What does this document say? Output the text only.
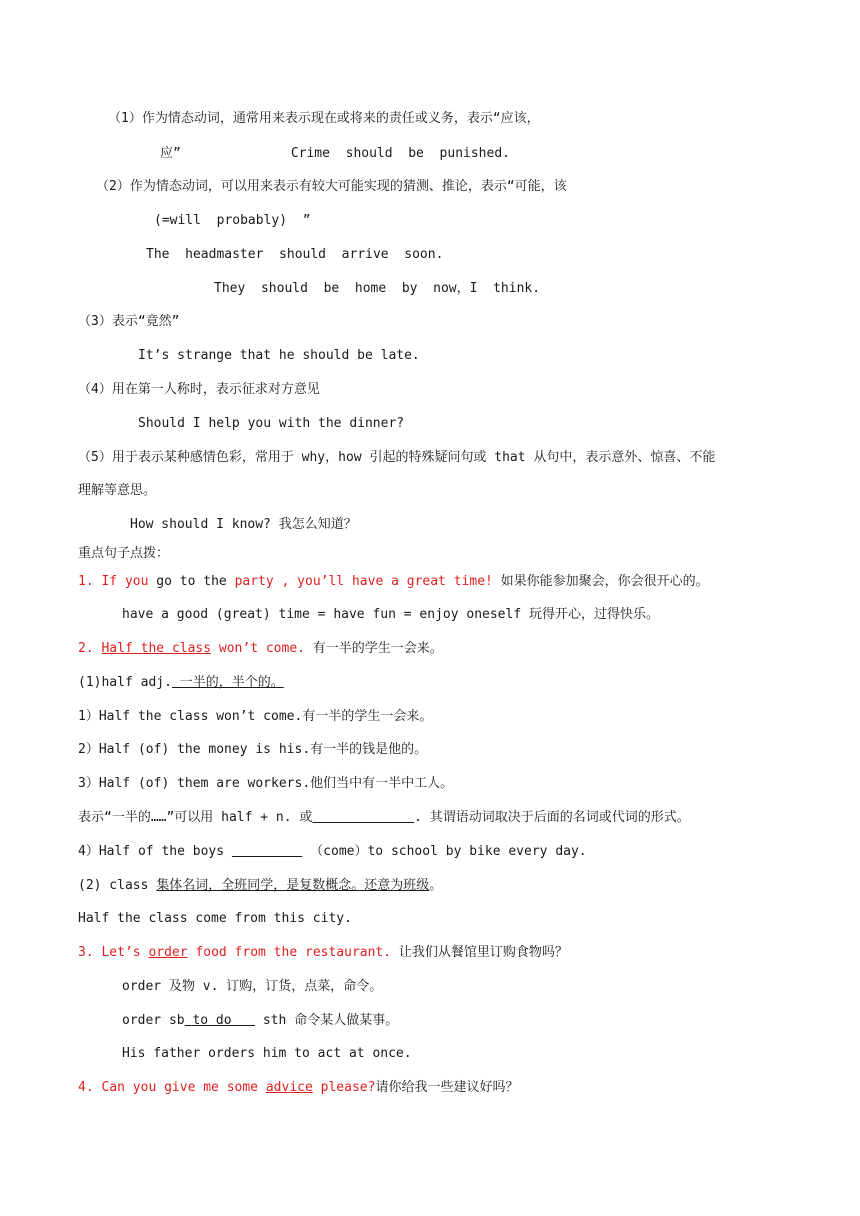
（1）作为情态动词，通常用来表示现在或将来的责任或义务，表示“应该，
应”	Crime  should  be  punished.
（2）作为情态动词，可以用来表示有较大可能实现的猜测、推论，表示“可能，该
(=will  probably)  ”
The  headmaster  should  arrive  soon.
They  should  be  home  by  now，I  think.
（3）表示“竟然”
It’s strange that he should be late.
（4）用在第一人称时，表示征求对方意见
Should I help you with the dinner?
（5）用于表示某种感情色彩，常用于 why，how 引起的特殊疑问句或 that 从句中，表示意外、惊喜、不能
理解等意思。
How should I know? 我怎么知道？
重点句子点拨：
1. If you go to the party , you’ll have a great time! 如果你能参加聚会，你会很开心的。
have a good (great) time = have fun = enjoy oneself 玩得开心，过得快乐。
2. Half the class won’t come. 有一半的学生一会来。
(1)half adj. 一半的，半个的。
1）Half the class won’t come.有一半的学生一会来。
2）Half (of) the money is his.有一半的钱是他的。
3）Half (of) them are workers.他们当中有一半中工人。
表示“一半的……”可以用 half + n. 或	. 其谓语动词取决于后面的名词或代词的形式。
4）Half of the boys	（come）to school by bike every day.
(2) class 集体名词，全班同学，是复数概念。还意为班级。
Half the class come from this city.
3. Let’s order food from the restaurant. 让我们从餐馆里订购食物吗？
order 及物 v. 订购，订货，点菜，命令。
order sb to do    sth 命令某人做某事。
His father orders him to act at once.
4. Can you give me some advice please?请你给我一些建议好吗？
